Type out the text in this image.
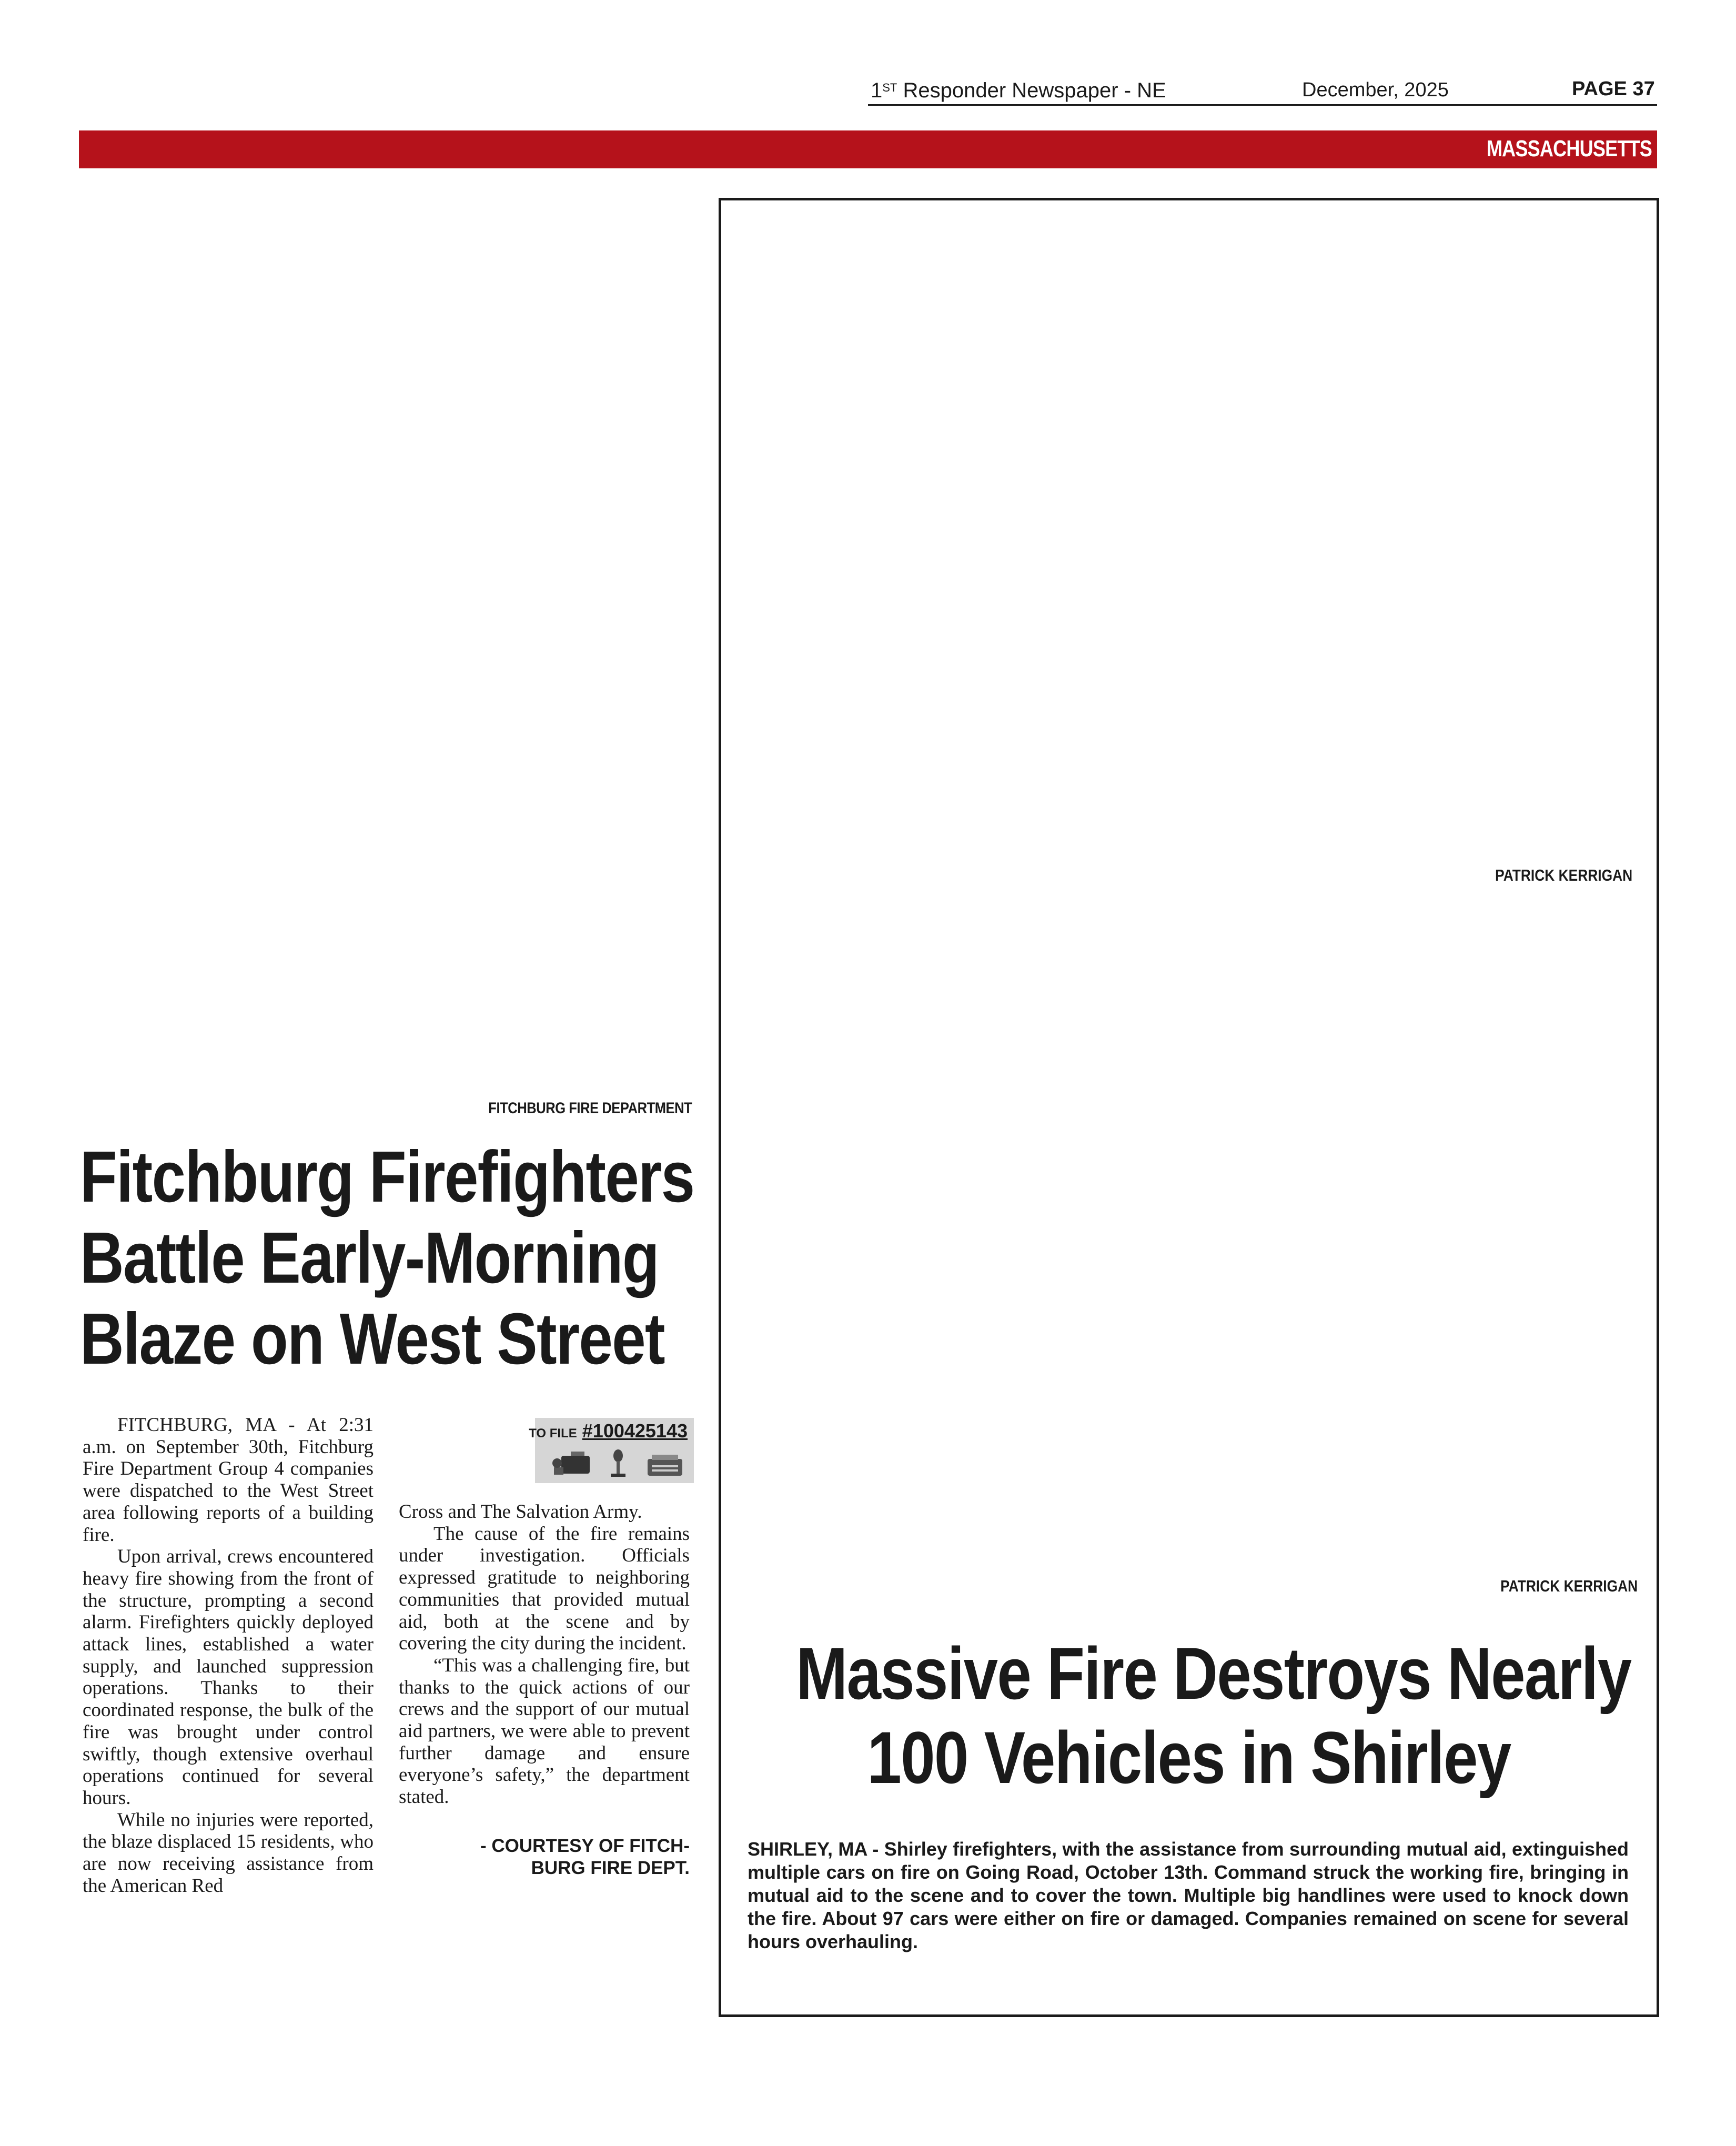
1ST Responder Newspaper - NE	December, 2025	PAGE 37
MASSACHUSETTS
FITCHBURG FIRE DEPARTMENT
Fitchburg Firefighters
Battle Early-Morning
Blaze on West Street

FITCHBURG, MA - At 2:31 a.m. on September 30th, Fitchburg Fire Department Group 4 companies were dispatched to the West Street area following reports of a building fire.

Upon arrival, crews encountered heavy fire showing from the front of the structure, prompting a second alarm. Firefighters quickly deployed attack lines, established a water supply, and launched suppression operations. Thanks to their coordinated response, the bulk of the fire was brought under control swiftly, though extensive overhaul operations continued for several hours.

While no injuries were reported, the blaze displaced 15 residents, who are now receiving assistance from the American Red

TO FILE #100425143

Cross and The Salvation Army.

The cause of the fire remains under investigation. Officials expressed gratitude to neighboring communities that provided mutual aid, both at the scene and by covering the city during the incident.

“This was a challenging fire, but thanks to the quick actions of our crews and the support of our mutual aid partners, we were able to prevent further damage and ensure everyone’s safety,” the department stated.

- COURTESY OF FITCH-
BURG FIRE DEPT.
PATRICK KERRIGAN
PATRICK KERRIGAN
Massive Fire Destroys Nearly
100 Vehicles in Shirley
SHIRLEY, MA - Shirley firefighters, with the assistance from surrounding mutual aid, extinguished multiple cars on fire on Going Road, October 13th. Command struck the working fire, bringing in mutual aid to the scene and to cover the town. Multiple big handlines were used to knock down the fire. About 97 cars were either on fire or damaged. Companies remained on scene for several hours overhauling.
